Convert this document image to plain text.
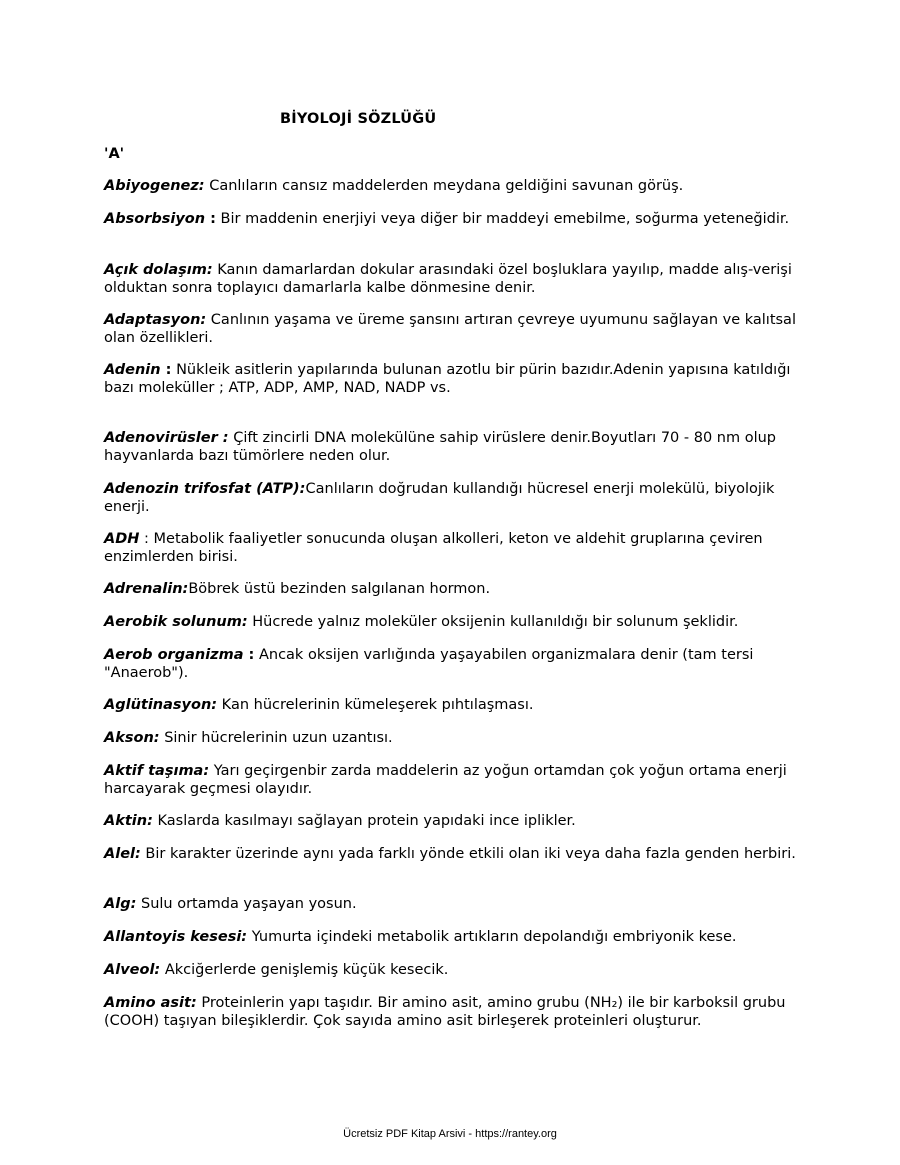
BİYOLOJİ SÖZLÜĞÜ
'A'
Abiyogenez: Canlıların cansız maddelerden meydana geldiğini savunan görüş.
Absorbsiyon : Bir maddenin enerjiyi veya diğer bir maddeyi emebilme, soğurma yeteneğidir.
Açık dolaşım: Kanın damarlardan dokular arasındaki özel boşluklara yayılıp, madde alış-verişi olduktan sonra toplayıcı damarlarla kalbe dönmesine denir.
Adaptasyon: Canlının yaşama ve üreme şansını artıran çevreye uyumunu sağlayan ve kalıtsal olan özellikleri.
Adenin : Nükleik asitlerin yapılarında bulunan azotlu bir pürin bazıdır.Adenin yapısına katıldığı bazı moleküller ; ATP, ADP, AMP, NAD, NADP vs.
Adenovirüsler : Çift zincirli DNA molekülüne sahip virüslere denir.Boyutları 70 - 80 nm olup hayvanlarda bazı tümörlere neden olur.
Adenozin trifosfat (ATP):Canlıların doğrudan kullandığı hücresel enerji molekülü, biyolojik enerji.
ADH : Metabolik faaliyetler sonucunda oluşan alkolleri, keton ve aldehit gruplarına çeviren enzimlerden birisi.
Adrenalin:Böbrek üstü bezinden salgılanan hormon.
Aerobik solunum: Hücrede yalnız moleküler oksijenin kullanıldığı bir solunum şeklidir.
Aerob organizma : Ancak oksijen varlığında yaşayabilen organizmalara denir (tam tersi "Anaerob").
Aglütinasyon: Kan hücrelerinin kümeleşerek pıhtılaşması.
Akson: Sinir hücrelerinin uzun uzantısı.
Aktif taşıma: Yarı geçirgenbir zarda maddelerin az yoğun ortamdan çok yoğun ortama enerji harcayarak geçmesi olayıdır.
Aktin: Kaslarda kasılmayı sağlayan protein yapıdaki ince iplikler.
Alel: Bir karakter üzerinde aynı yada farklı yönde etkili olan iki veya daha fazla genden herbiri.
Alg: Sulu ortamda yaşayan yosun.
Allantoyis kesesi: Yumurta içindeki metabolik artıkların depolandığı embriyonik kese.
Alveol: Akciğerlerde genişlemiş küçük kesecik.
Amino asit: Proteinlerin yapı taşıdır. Bir amino asit, amino grubu (NH₂) ile bir karboksil grubu (COOH) taşıyan bileşiklerdir. Çok sayıda amino asit birleşerek proteinleri oluşturur.
Ücretsiz PDF Kitap Arsivi - https://rantey.org
